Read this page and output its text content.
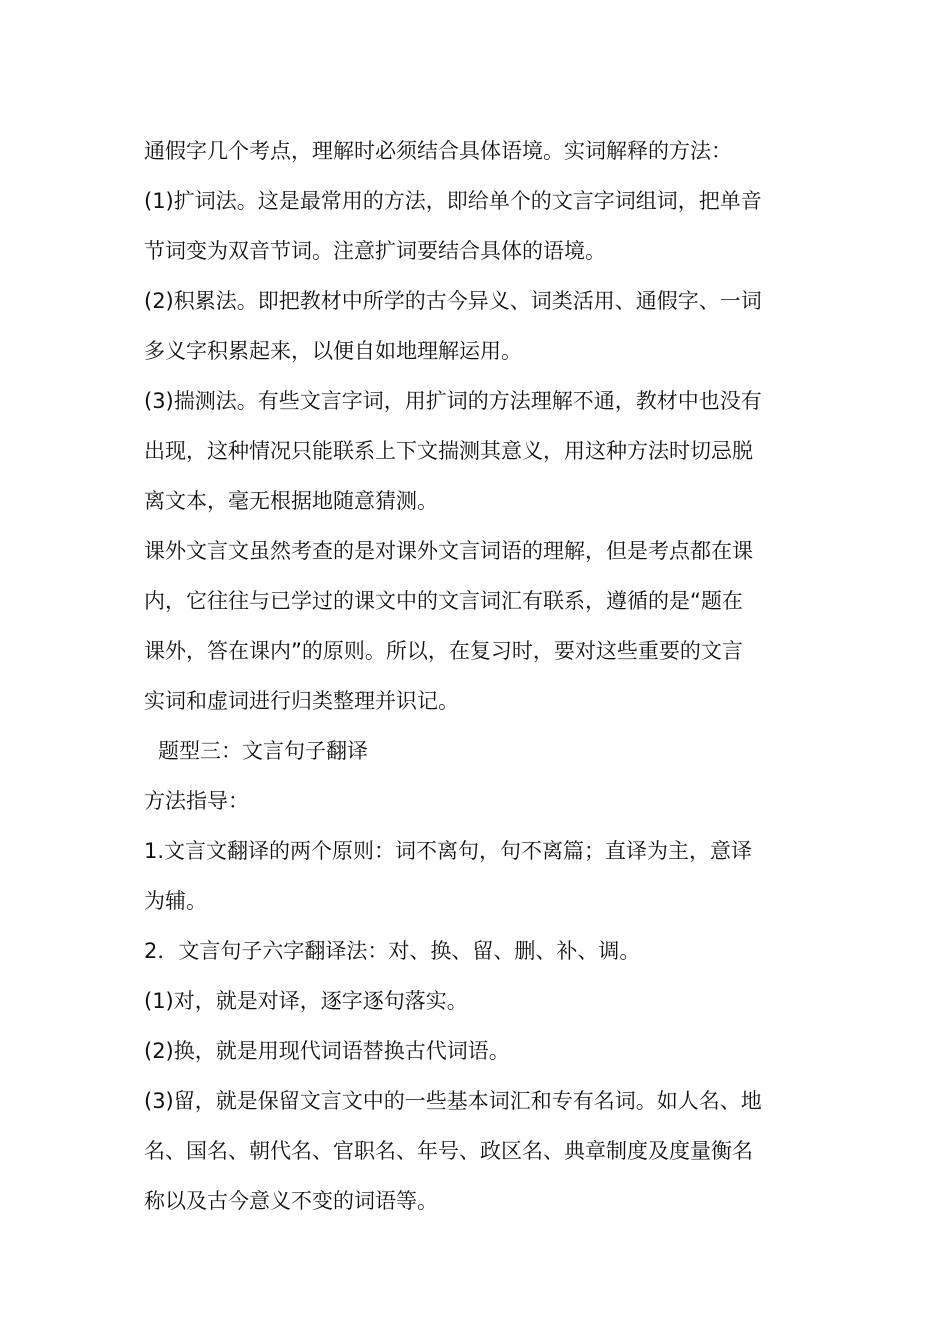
通假字几个考点，理解时必须结合具体语境。实词解释的方法：
(1)扩词法。这是最常用的方法，即给单个的文言字词组词，把单音
节词变为双音节词。注意扩词要结合具体的语境。
(2)积累法。即把教材中所学的古今异义、词类活用、通假字、一词
多义字积累起来，以便自如地理解运用。
(3)揣测法。有些文言字词，用扩词的方法理解不通，教材中也没有
出现，这种情况只能联系上下文揣测其意义，用这种方法时切忌脱
离文本，毫无根据地随意猜测。
课外文言文虽然考查的是对课外文言词语的理解，但是考点都在课
内，它往往与已学过的课文中的文言词汇有联系，遵循的是“题在
课外，答在课内”的原则。所以，在复习时，要对这些重要的文言
实词和虚词进行归类整理并识记。
题型三：文言句子翻译
方法指导：
1.文言文翻译的两个原则：词不离句，句不离篇；直译为主，意译
为辅。
2．文言句子六字翻译法：对、换、留、删、补、调。
(1)对，就是对译，逐字逐句落实。
(2)换，就是用现代词语替换古代词语。
(3)留，就是保留文言文中的一些基本词汇和专有名词。如人名、地
名、国名、朝代名、官职名、年号、政区名、典章制度及度量衡名
称以及古今意义不变的词语等。
